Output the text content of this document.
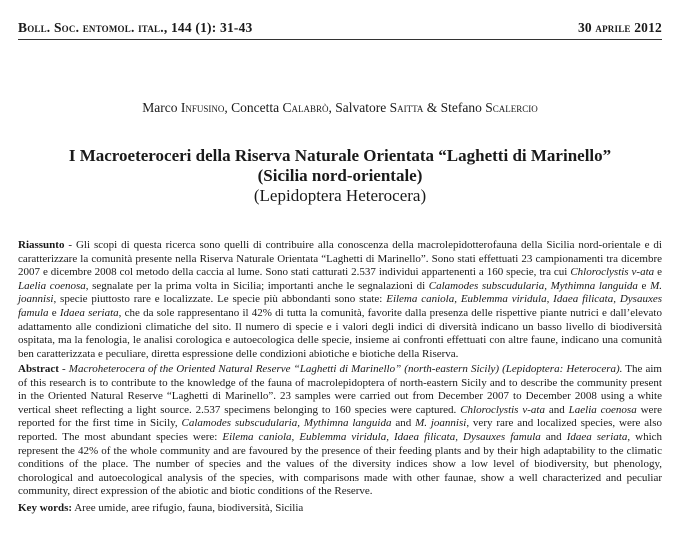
Boll. Soc. entomol. ital., 144 (1): 31-43	30 aprile 2012
Marco Infusino, Concetta Calabrò, Salvatore Saitta & Stefano Scalercio
I Macroeteroceri della Riserva Naturale Orientata “Laghetti di Marinello”
(Sicilia nord-orientale)
(Lepidoptera Heterocera)
Riassunto - Gli scopi di questa ricerca sono quelli di contribuire alla conoscenza della macrolepidotterofauna della Sicilia nord-orientale e di caratterizzare la comunità presente nella Riserva Naturale Orientata “Laghetti di Marinello”. Sono stati effettuati 23 campionamenti tra dicembre 2007 e dicembre 2008 col metodo della caccia al lume. Sono stati catturati 2.537 individui appartenenti a 160 specie, tra cui Chloroclystis v-ata e Laelia coenosa, segnalate per la prima volta in Sicilia; importanti anche le segnalazioni di Calamodes subscudularia, Mythimna languida e M. joannisi, specie piuttosto rare e localizzate. Le specie più abbondanti sono state: Eilema caniola, Eublemma viridula, Idaea filicata, Dysauxes famula e Idaea seriata, che da sole rappresentano il 42% di tutta la comunità, favorite dalla presenza delle rispettive piante nutrici e dall’elevato adattamento alle condizioni climatiche del sito. Il numero di specie e i valori degli indici di diversità indicano un basso livello di biodiversità ospitata, ma la fenologia, le analisi corologica e autoecologica delle specie, insieme ai confronti effettuati con altre faune, indicano una comunità ben caratterizzata e peculiare, diretta espressione delle condizioni abiotiche e biotiche della Riserva.
Abstract - Macroheterocera of the Oriented Natural Reserve “Laghetti di Marinello” (north-eastern Sicily) (Lepidoptera: Heterocera). The aim of this research is to contribute to the knowledge of the fauna of macrolepidoptera of north-eastern Sicily and to describe the community present in the Oriented Natural Reserve “Laghetti di Marinello”. 23 samples were carried out from December 2007 to December 2008 using a white vertical sheet reflecting a light source. 2.537 specimens belonging to 160 species were captured. Chloroclystis v-ata and Laelia coenosa were reported for the first time in Sicily, Calamodes subscudularia, Mythimna languida and M. joannisi, very rare and localized species, were also reported. The most abundant species were: Eilema caniola, Eublemma viridula, Idaea filicata, Dysauxes famula and Idaea seriata, which represent the 42% of the whole community and are favoured by the presence of their feeding plants and by their high adaptability to the climatic conditions of the place. The number of species and the values of the diversity indices show a low level of biodiversity, but phenology, chorological and autoecological analysis of the species, with comparisons made with other faunae, show a well characterized and peculiar community, direct expression of the abiotic and biotic conditions of the Reserve.
Key words: Aree umide, aree rifugio, fauna, biodiversità, Sicilia
